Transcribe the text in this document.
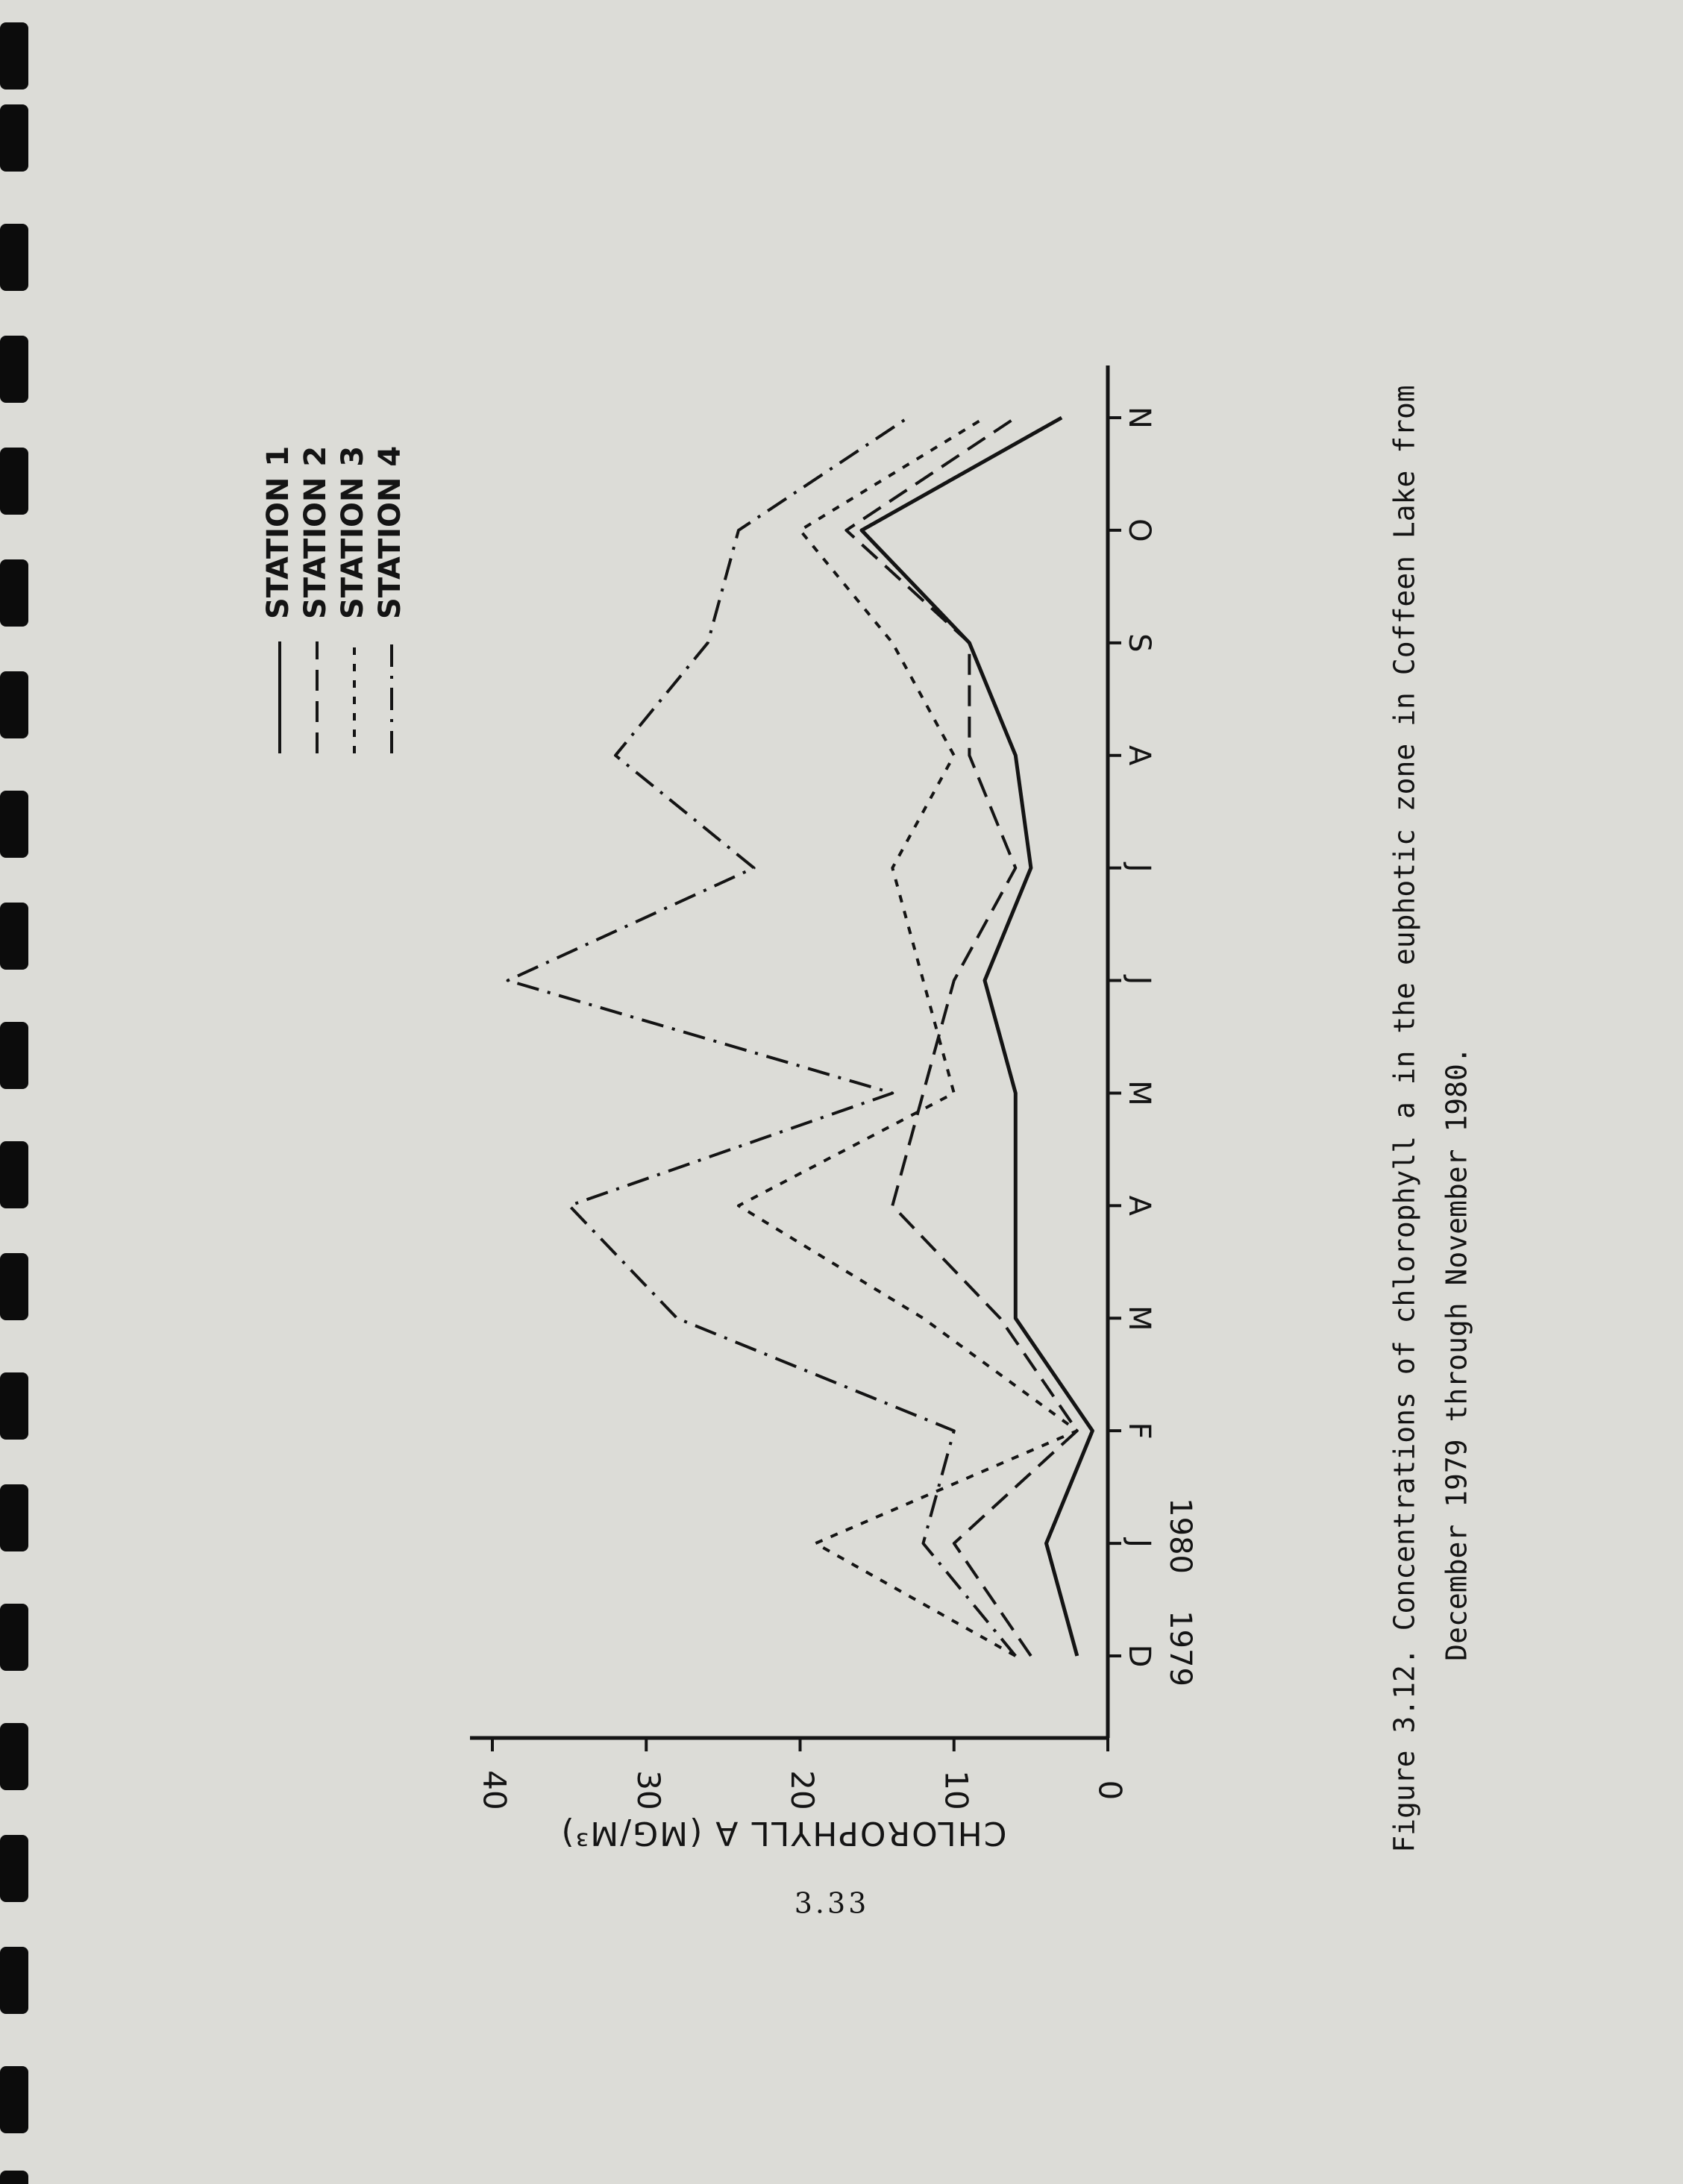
0
10
20
30
40
D
J
F
M
A
M
J
J
A
S
O
N
1979
1980
CHLOROPHYLL A (MG/M³)
STATION 1 STATION 2 STATION 3 STATION 4	Figure 3.12. Concentrations of chlorophyll a in the euphotic zone in Coffeen Lake from December 1979 through November 1980.
3.33
